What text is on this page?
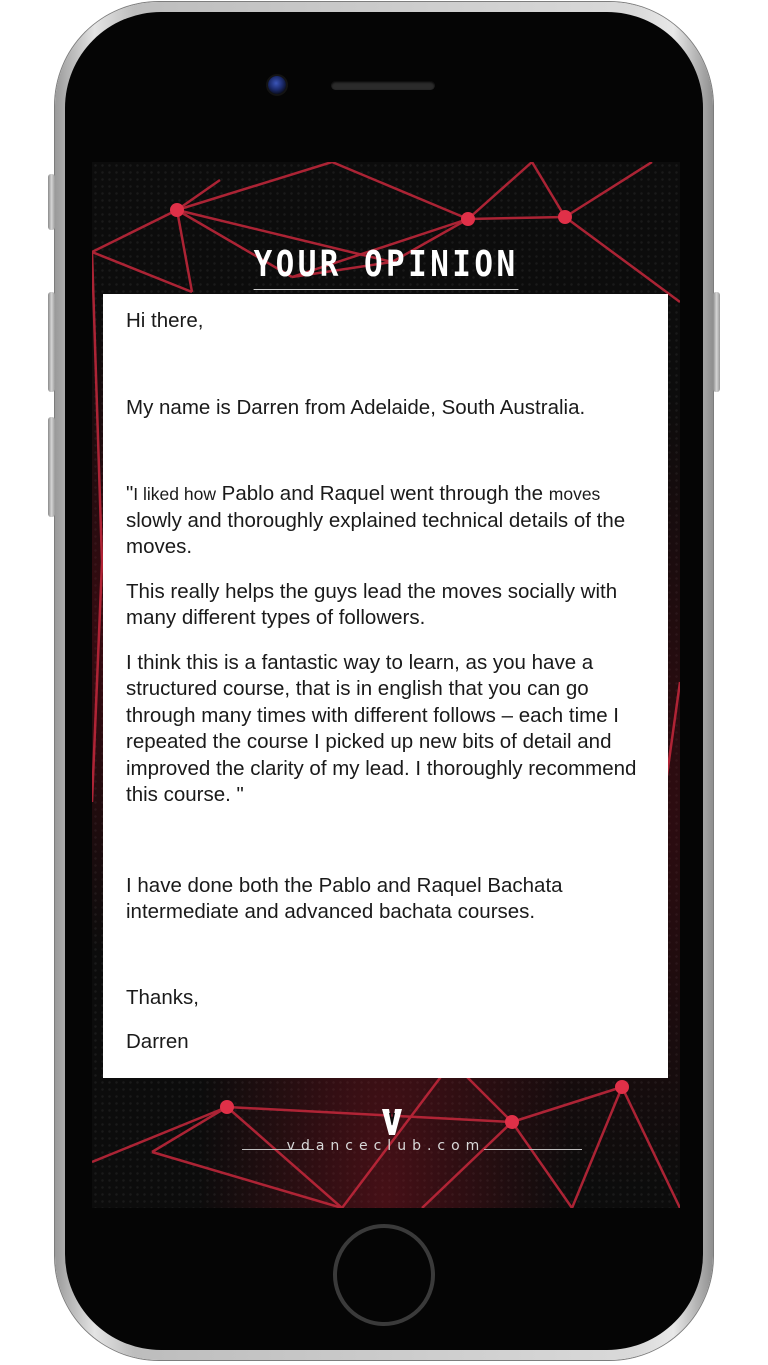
YOUR OPINION

Hi there,

My name is Darren from Adelaide, South Australia.

"I liked how Pablo and Raquel went through the moves slowly and thoroughly explained technical details of the moves.

This really helps the guys lead the moves socially with many different types of followers.

I think this is a fantastic way to learn, as you have a structured course, that is in english that you can go through many times with different follows – each time I repeated the course I picked up new bits of detail and improved the clarity of my lead. I thoroughly recommend this course. "

I have done both the Pablo and Raquel Bachata intermediate and advanced bachata courses.

Thanks,

Darren

vdanceclub.com
